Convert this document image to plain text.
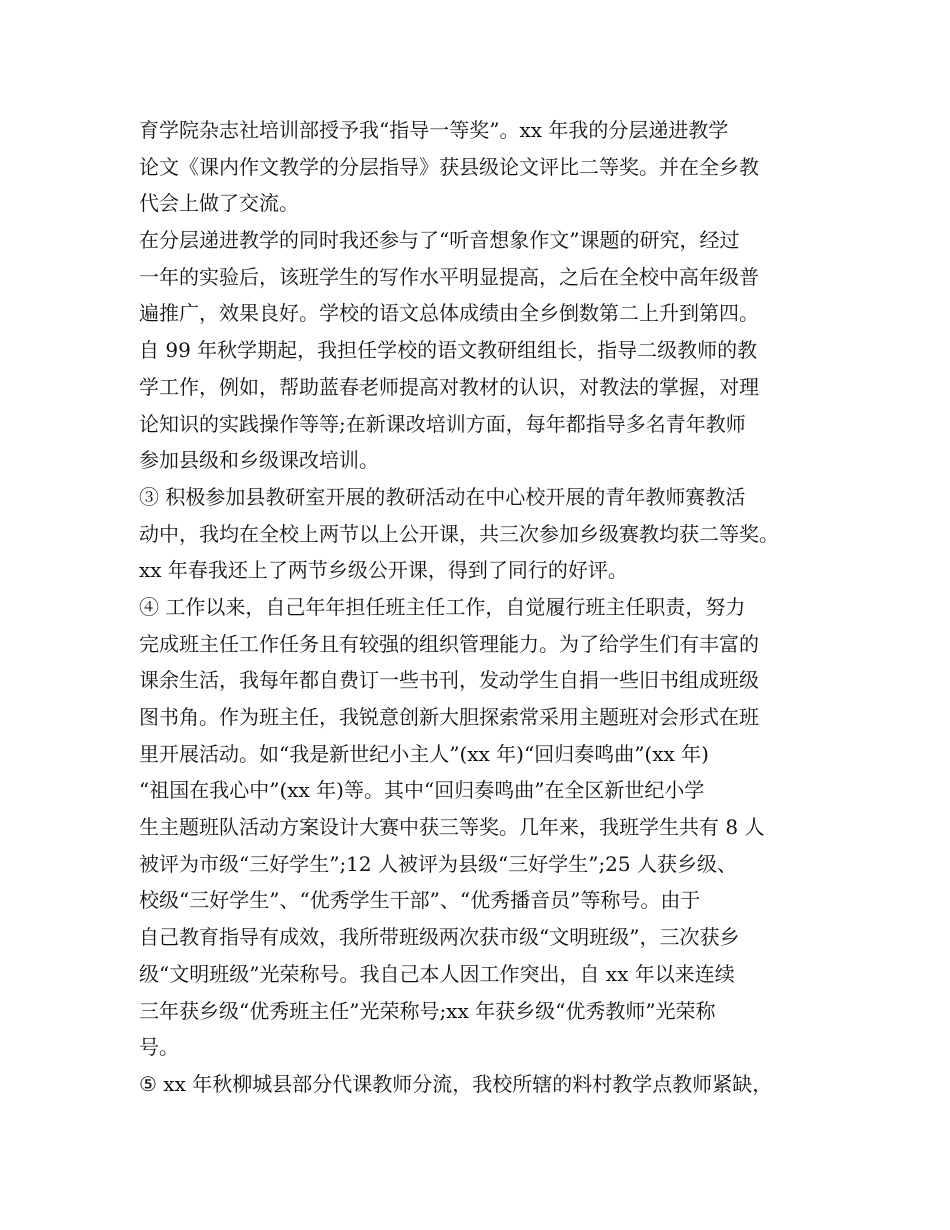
育学院杂志社培训部授予我“指导一等奖”。xx 年我的分层递进教学
论文《课内作文教学的分层指导》获县级论文评比二等奖。并在全乡教
代会上做了交流。
在分层递进教学的同时我还参与了“听音想象作文”课题的研究，经过
一年的实验后，该班学生的写作水平明显提高，之后在全校中高年级普
遍推广，效果良好。学校的语文总体成绩由全乡倒数第二上升到第四。
自 99 年秋学期起，我担任学校的语文教研组组长，指导二级教师的教
学工作，例如，帮助蓝春老师提高对教材的认识，对教法的掌握，对理
论知识的实践操作等等;在新课改培训方面，每年都指导多名青年教师
参加县级和乡级课改培训。
③ 积极参加县教研室开展的教研活动在中心校开展的青年教师赛教活
动中，我均在全校上两节以上公开课，共三次参加乡级赛教均获二等奖。
xx 年春我还上了两节乡级公开课，得到了同行的好评。
④ 工作以来，自己年年担任班主任工作，自觉履行班主任职责，努力
完成班主任工作任务且有较强的组织管理能力。为了给学生们有丰富的
课余生活，我每年都自费订一些书刊，发动学生自捐一些旧书组成班级
图书角。作为班主任，我锐意创新大胆探索常采用主题班对会形式在班
里开展活动。如“我是新世纪小主人”(xx 年)“回归奏鸣曲”(xx 年)
“祖国在我心中”(xx 年)等。其中“回归奏鸣曲”在全区新世纪小学
生主题班队活动方案设计大赛中获三等奖。几年来，我班学生共有 8 人
被评为市级“三好学生”;12 人被评为县级“三好学生”;25 人获乡级、
校级“三好学生”、“优秀学生干部”、“优秀播音员”等称号。由于
自己教育指导有成效，我所带班级两次获市级“文明班级”，三次获乡
级“文明班级”光荣称号。我自己本人因工作突出，自 xx 年以来连续
三年获乡级“优秀班主任”光荣称号;xx 年获乡级“优秀教师”光荣称
号。
⑤ xx 年秋柳城县部分代课教师分流，我校所辖的料村教学点教师紧缺，
